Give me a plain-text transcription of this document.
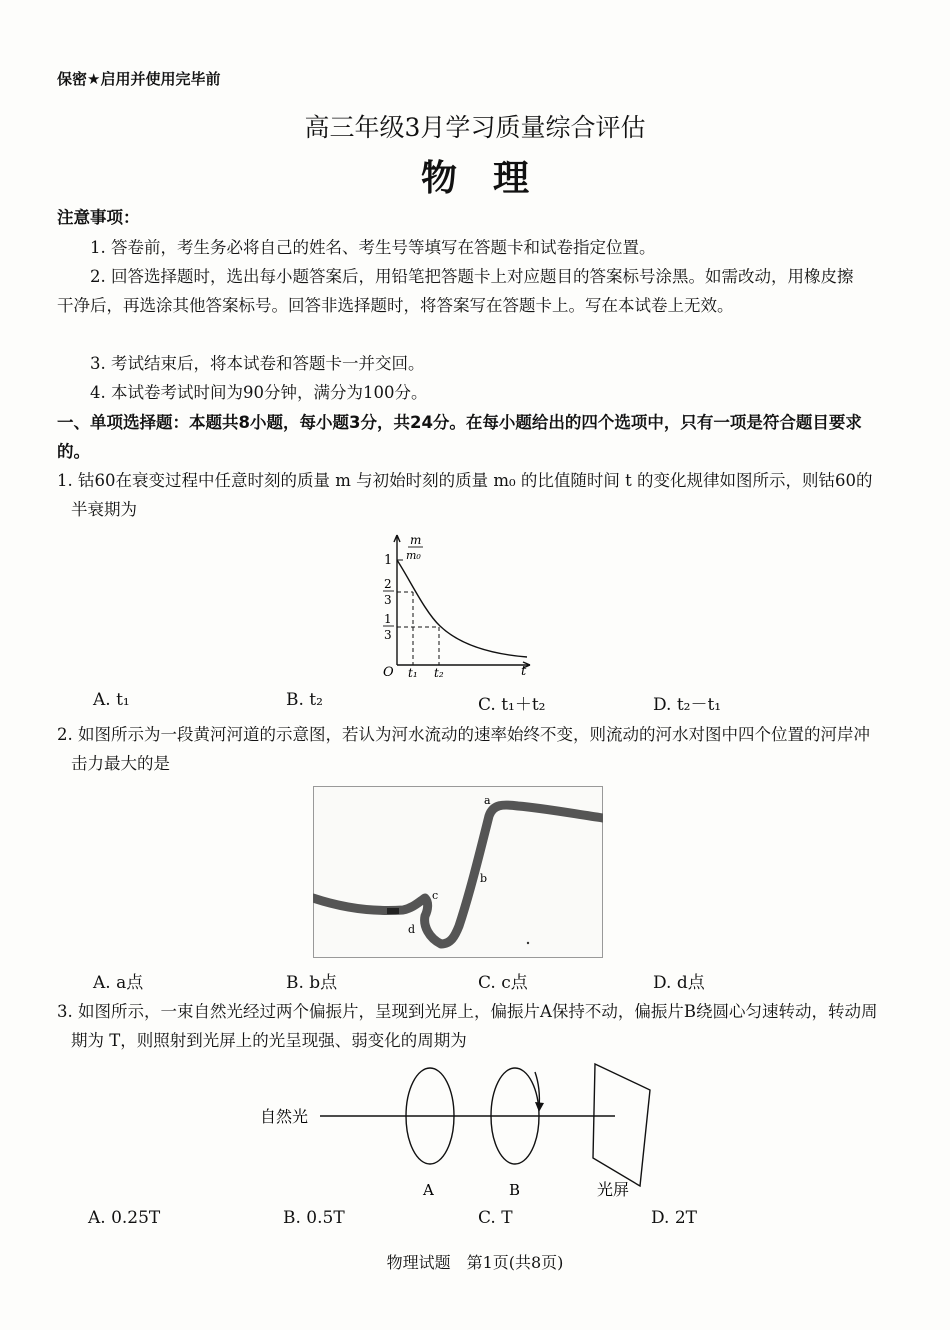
保密★启用并使用完毕前
高三年级3月学习质量综合评估
物理
注意事项：
1. 答卷前，考生务必将自己的姓名、考生号等填写在答题卡和试卷指定位置。
2. 回答选择题时，选出每小题答案后，用铅笔把答题卡上对应题目的答案标号涂黑。如需改动，用橡皮擦干净后，再选涂其他答案标号。回答非选择题时，将答案写在答题卡上。写在本试卷上无效。
3. 考试结束后，将本试卷和答题卡一并交回。
4. 本试卷考试时间为90分钟，满分为100分。
一、单项选择题：本题共8小题，每小题3分，共24分。在每小题给出的四个选项中，只有一项是符合题目要求的。
1. 钴60在衰变过程中任意时刻的质量 m 与初始时刻的质量 m₀ 的比值随时间 t 的变化规律如图所示，则钴60的半衰期为
m
m₀
1
2
3
1
3
O t₁ t₂	t
A. t₁	B. t₂	C. t₁＋t₂	D. t₂－t₁
2. 如图所示为一段黄河河道的示意图，若认为河水流动的速率始终不变，则流动的河水对图中四个位置的河岸冲击力最大的是
a
b
c
d
A. a点	B. b点	C. c点	D. d点
3. 如图所示，一束自然光经过两个偏振片，呈现到光屏上，偏振片A保持不动，偏振片B绕圆心匀速转动，转动周期为 T，则照射到光屏上的光呈现强、弱变化的周期为
自然光
A	B	光屏
A. 0.25T	B. 0.5T	C. T	D. 2T
物理试题　第1页(共8页)
